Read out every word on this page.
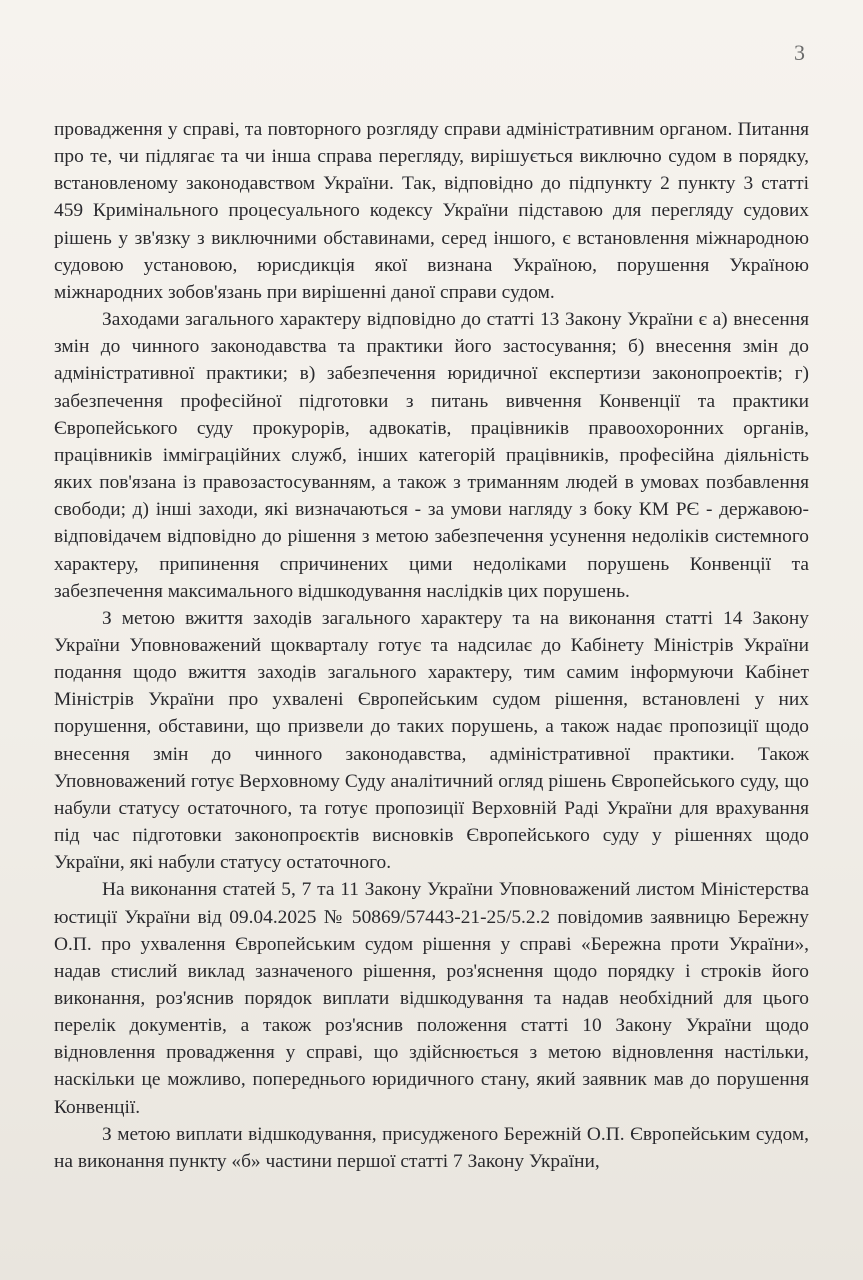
3

провадження у справі, та повторного розгляду справи адміністративним органом. Питання про те, чи підлягає та чи інша справа перегляду, вирішується виключно судом в порядку, встановленому законодавством України. Так, відповідно до підпункту 2 пункту 3 статті 459 Кримінального процесуального кодексу України підставою для перегляду судових рішень у зв'язку з виключними обставинами, серед іншого, є встановлення міжнародною судовою установою, юрисдикція якої визнана Україною, порушення Україною міжнародних зобов'язань при вирішенні даної справи судом.

Заходами загального характеру відповідно до статті 13 Закону України є а) внесення змін до чинного законодавства та практики його застосування; б) внесення змін до адміністративної практики; в) забезпечення юридичної експертизи законопроектів; г) забезпечення професійної підготовки з питань вивчення Конвенції та практики Європейського суду прокурорів, адвокатів, працівників правоохоронних органів, працівників імміграційних служб, інших категорій працівників, професійна діяльність яких пов'язана із правозастосуванням, а також з триманням людей в умовах позбавлення свободи; д) інші заходи, які визначаються - за умови нагляду з боку КМ РЄ - державою-відповідачем відповідно до рішення з метою забезпечення усунення недоліків системного характеру, припинення спричинених цими недоліками порушень Конвенції та забезпечення максимального відшкодування наслідків цих порушень.

З метою вжиття заходів загального характеру та на виконання статті 14 Закону України Уповноважений щокварталу готує та надсилає до Кабінету Міністрів України подання щодо вжиття заходів загального характеру, тим самим інформуючи Кабінет Міністрів України про ухвалені Європейським судом рішення, встановлені у них порушення, обставини, що призвели до таких порушень, а також надає пропозиції щодо внесення змін до чинного законодавства, адміністративної практики. Також Уповноважений готує Верховному Суду аналітичний огляд рішень Європейського суду, що набули статусу остаточного, та готує пропозиції Верховній Раді України для врахування під час підготовки законопроєктів висновків Європейського суду у рішеннях щодо України, які набули статусу остаточного.

На виконання статей 5, 7 та 11 Закону України Уповноважений листом Міністерства юстиції України від 09.04.2025 № 50869/57443-21-25/5.2.2 повідомив заявницю Бережну О.П. про ухвалення Європейським судом рішення у справі «Бережна проти України», надав стислий виклад зазначеного рішення, роз'яснення щодо порядку і строків його виконання, роз'яснив порядок виплати відшкодування та надав необхідний для цього перелік документів, а також роз'яснив положення статті 10 Закону України щодо відновлення провадження у справі, що здійснюється з метою відновлення настільки, наскільки це можливо, попереднього юридичного стану, який заявник мав до порушення Конвенції.

З метою виплати відшкодування, присудженого Бережній О.П. Європейським судом, на виконання пункту «б» частини першої статті 7 Закону України,
